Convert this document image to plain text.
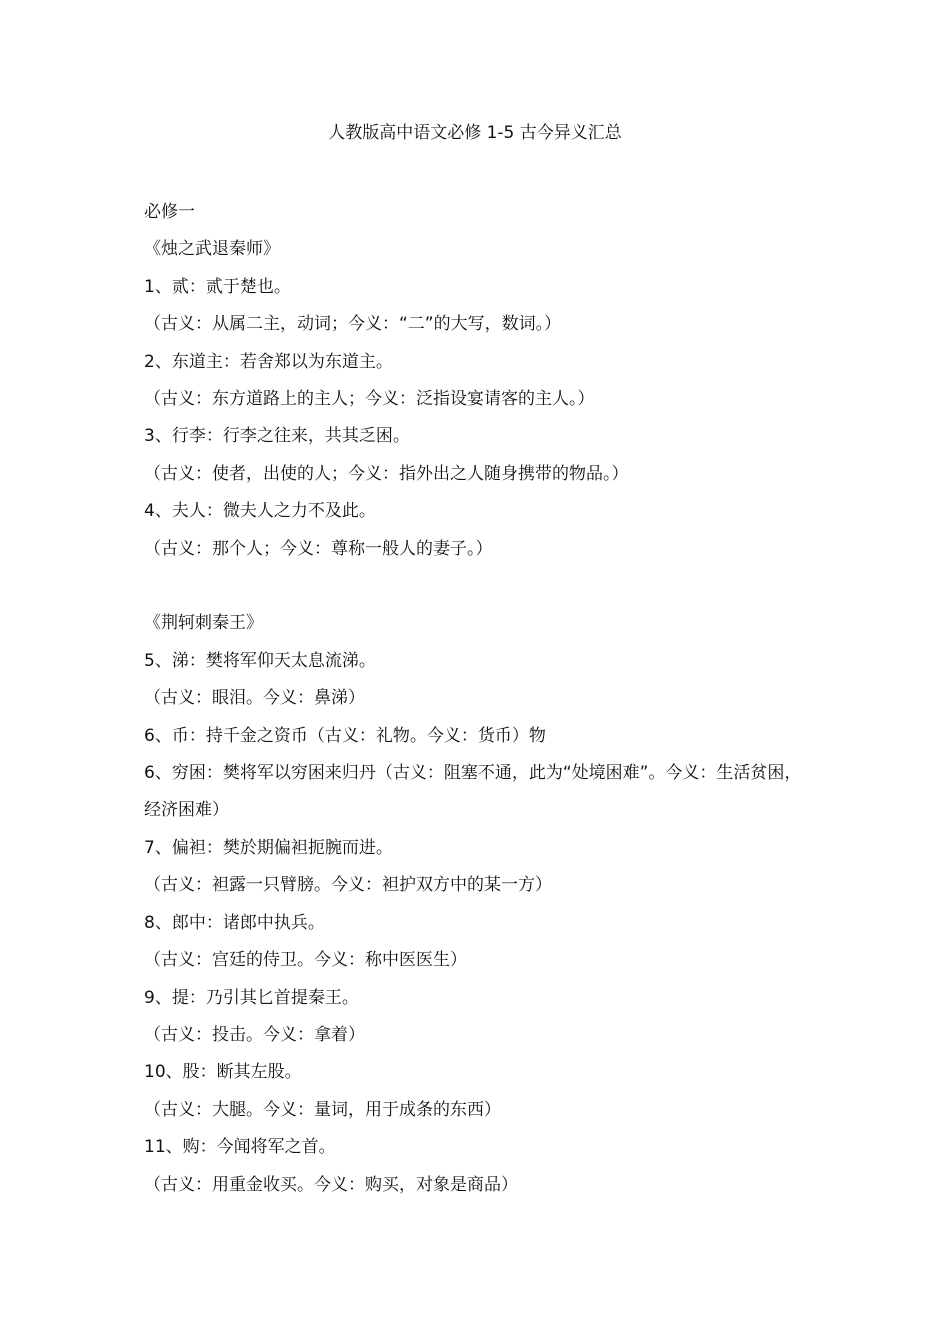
人教版高中语文必修 1-5 古今异义汇总
必修一
《烛之武退秦师》
1、贰：贰于楚也。
（古义：从属二主，动词；今义：“二”的大写，数词。）
2、东道主：若舍郑以为东道主。
（古义：东方道路上的主人；今义：泛指设宴请客的主人。）
3、行李：行李之往来，共其乏困。
（古义：使者，出使的人；今义：指外出之人随身携带的物品。）
4、夫人：微夫人之力不及此。
（古义：那个人；今义：尊称一般人的妻子。）
《荆轲刺秦王》
5、涕：樊将军仰天太息流涕。
（古义：眼泪。今义：鼻涕）
6、币：持千金之资币（古义：礼物。今义：货币）物
6、穷困：樊将军以穷困来归丹（古义：阻塞不通，此为“处境困难”。今义：生活贫困，经济困难）
7、偏袒：樊於期偏袒扼腕而进。
（古义：袒露一只臂膀。今义：袒护双方中的某一方）
8、郎中：诸郎中执兵。
（古义：宫廷的侍卫。今义：称中医医生）
9、提：乃引其匕首提秦王。
（古义：投击。今义：拿着）
10、股：断其左股。
（古义：大腿。今义：量词，用于成条的东西）
11、购：今闻将军之首。
（古义：用重金收买。今义：购买，对象是商品）
